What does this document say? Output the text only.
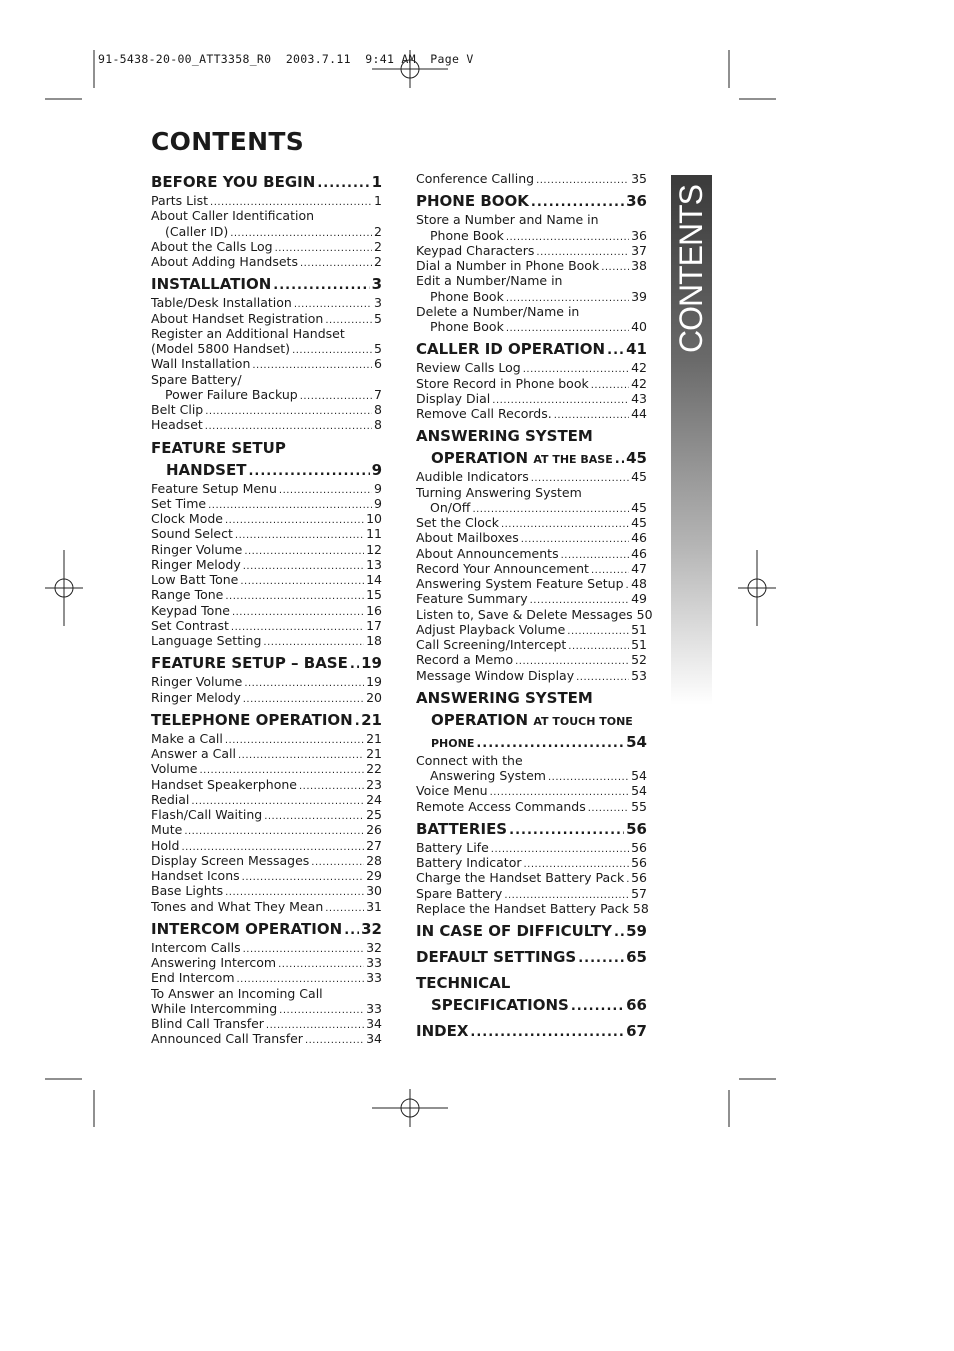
91-5438-20-00_ATT3358_R0  2003.7.11  9:41 AM  Page V
CONTENTS
BEFORE YOU BEGIN .....	1
Parts List .....	1
About Caller Identification
(Caller ID) .....	2
About the Calls Log .....	2
About Adding Handsets .....	2
INSTALLATION .....	3
Table/Desk Installation .....	3
About Handset Registration .....	5
Register an Additional Handset
(Model 5800 Handset) .....	5
Wall Installation .....	6
Spare Battery/
Power Failure Backup .....	7
Belt Clip .....	8
Headset .....	8
FEATURE SETUP
HANDSET .....	9
Feature Setup Menu .....	9
Set Time .....	9
Clock Mode .....	10
Sound Select .....	11
Ringer Volume .....	12
Ringer Melody .....	13
Low Batt Tone .....	14
Range Tone .....	15
Keypad Tone .....	16
Set Contrast .....	17
Language Setting .....	18
FEATURE SETUP – BASE ..... 19
Ringer Volume .....	19
Ringer Melody .....	20
TELEPHONE OPERATION ..... 21
Make a Call .....	21
Answer a Call .....	21
Volume .....	22
Handset Speakerphone .....	23
Redial .....	24
Flash/Call Waiting .....	25
Mute .....	26
Hold .....	27
Display Screen Messages .....	28
Handset Icons .....	29
Base Lights .....	30
Tones and What They Mean .....	31
INTERCOM OPERATION ..... 32
Intercom Calls .....	32
Answering Intercom .....	33
End Intercom .....	33
To Answer an Incoming Call
While Intercomming .....	33
Blind Call Transfer .....	34
Announced Call Transfer .....	34
Conference Calling .....	35
PHONE BOOK .....	36
Store a Number and Name in
Phone Book .....	36
Keypad Characters .....	37
Dial a Number in Phone Book .....	38
Edit a Number/Name in
Phone Book .....	39
Delete a Number/Name in
Phone Book .....	40
CALLER ID OPERATION ..... 41
Review Calls Log .....	42
Store Record in Phone book .....	42
Display Dial .....	43
Remove Call Records. .....	44
ANSWERING SYSTEM
OPERATION AT THE BASE ..... 45
Audible Indicators .....	45
Turning Answering System
On/Off .....	45
Set the Clock .....	45
About Mailboxes .....	46
About Announcements .....	46
Record Your Announcement .....	47
Answering System Feature Setup ..... 48
Feature Summary .....	49
Listen to, Save & Delete Messages 50
Adjust Playback Volume .....	51
Call Screening/Intercept .....	51
Record a Memo .....	52
Message Window Display .....	53
ANSWERING SYSTEM
OPERATION AT TOUCH TONE
PHONE .....	54
Connect with the
Answering System .....	54
Voice Menu .....	54
Remote Access Commands .....	55
BATTERIES .....	56
Battery Life .....	56
Battery Indicator .....	56
Charge the Handset Battery Pack ..... 56
Spare Battery .....	57
Replace the Handset Battery Pack 58
IN CASE OF DIFFICULTY ..... 59
DEFAULT SETTINGS .....	65
TECHNICAL
SPECIFICATIONS .....	66
INDEX .....	67
CONTENTS
